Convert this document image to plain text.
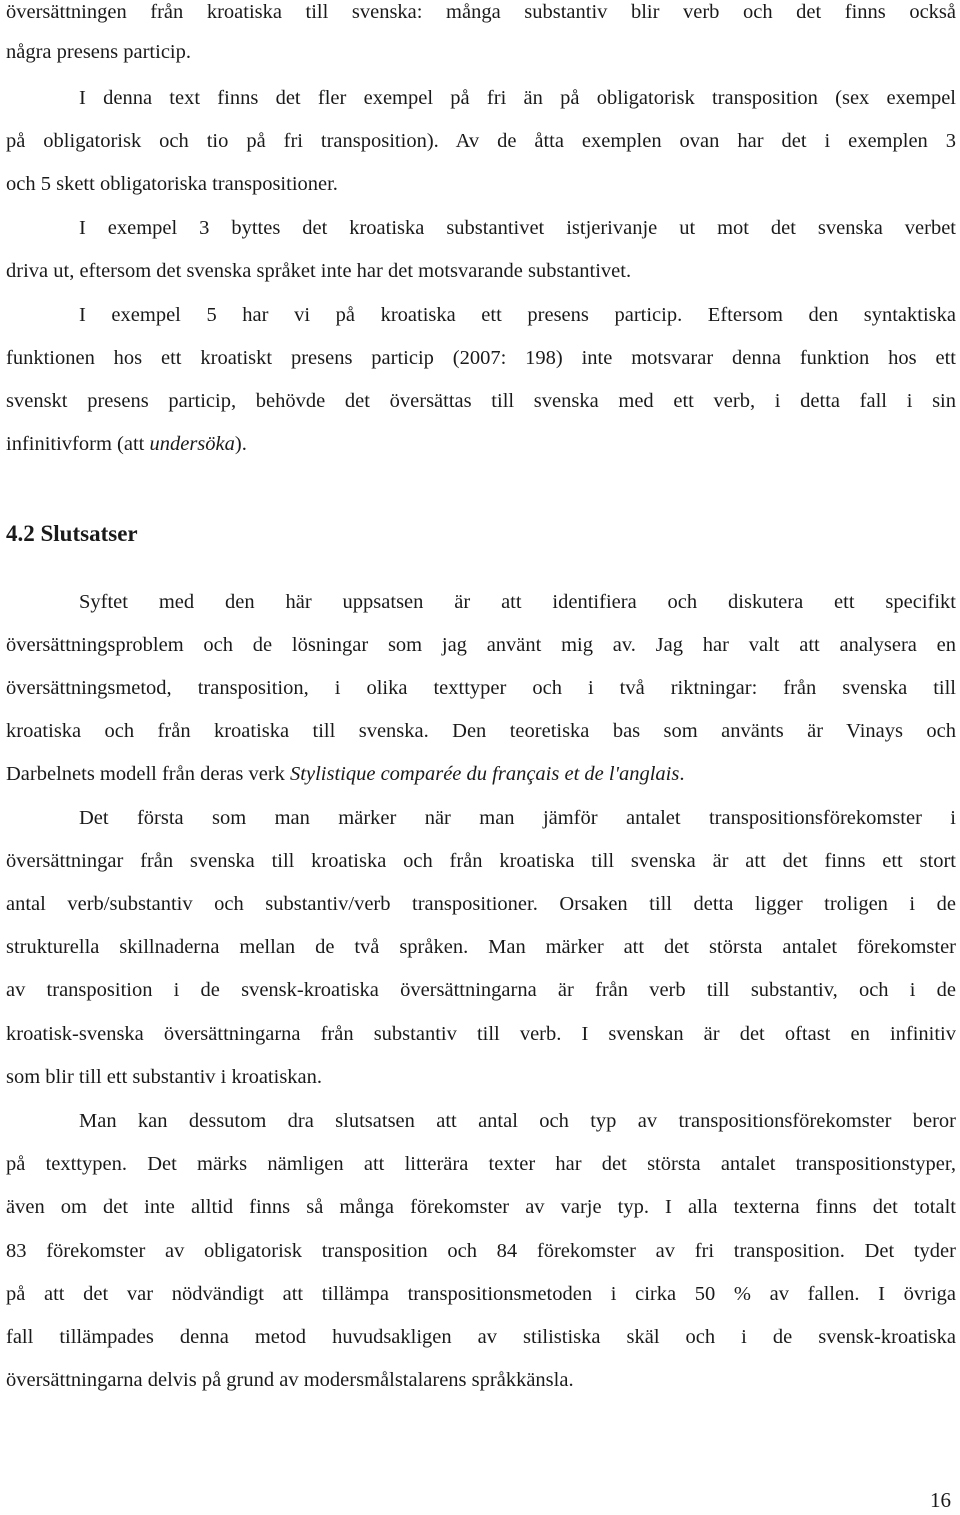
översättningen från kroatiska till svenska: många substantiv blir verb och det finns också
några presens particip.
I denna text finns det fler exempel på fri än på obligatorisk transposition (sex exempel
på obligatorisk och tio på fri transposition). Av de åtta exemplen ovan har det i exemplen 3
och 5 skett obligatoriska transpositioner.
I exempel 3 byttes det kroatiska substantivet istjerivanje ut mot det svenska verbet
driva ut, eftersom det svenska språket inte har det motsvarande substantivet.
I exempel 5 har vi på kroatiska ett presens particip. Eftersom den syntaktiska
funktionen hos ett kroatiskt presens particip (2007: 198) inte motsvarar denna funktion hos ett
svenskt presens particip, behövde det översättas till svenska med ett verb, i detta fall i sin
infinitivform (att undersöka).
4.2 Slutsatser
Syftet med den här uppsatsen är att identifiera och diskutera ett specifikt
översättningsproblem och de lösningar som jag använt mig av. Jag har valt att analysera en
översättningsmetod, transposition, i olika texttyper och i två riktningar: från svenska till
kroatiska och från kroatiska till svenska. Den teoretiska bas som använts är Vinays och
Darbelnets modell från deras verk Stylistique comparée du français et de l'anglais.
Det första som man märker när man jämför antalet transpositionsförekomster i
översättningar från svenska till kroatiska och från kroatiska till svenska är att det finns ett stort
antal verb/substantiv och substantiv/verb transpositioner. Orsaken till detta ligger troligen i de
strukturella skillnaderna mellan de två språken. Man märker att det största antalet förekomster
av transposition i de svensk-kroatiska översättningarna är från verb till substantiv, och i de
kroatisk-svenska översättningarna från substantiv till verb. I svenskan är det oftast en infinitiv
som blir till ett substantiv i kroatiskan.
Man kan dessutom dra slutsatsen att antal och typ av transpositionsförekomster beror
på texttypen. Det märks nämligen att litterära texter har det största antalet transpositionstyper,
även om det inte alltid finns så många förekomster av varje typ. I alla texterna finns det totalt
83 förekomster av obligatorisk transposition och 84 förekomster av fri transposition. Det tyder
på att det var nödvändigt att tillämpa transpositionsmetoden i cirka 50 % av fallen. I övriga
fall tillämpades denna metod huvudsakligen av stilistiska skäl och i de svensk-kroatiska
översättningarna delvis på grund av modersmålstalarens språkkänsla.
16
